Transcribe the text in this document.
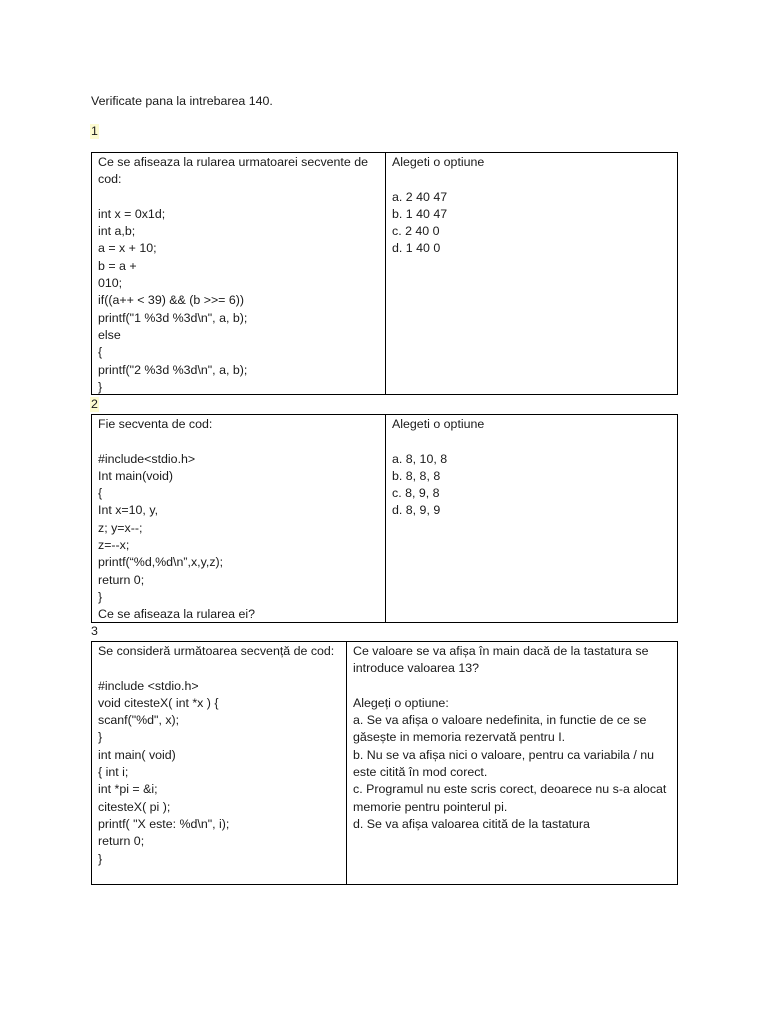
Verificate pana la intrebarea 140.
1
Ce se afiseaza la rularea urmatoarei secvente de
cod:
int x = 0x1d;
int a,b;
a = x + 10;
b = a +
010;
if((a++ < 39) && (b >>= 6))
printf("1 %3d %3d\n", a, b);
else
{
printf("2 %3d %3d\n", a, b);
}
Alegeti o optiune
a. 2 40 47
b. 1 40 47
c. 2 40 0
d. 1 40 0
2
Fie secventa de cod:
#include<stdio.h>
Int main(void)
{
Int x=10, y,
z; y=x--;
z=--x;
printf(“%d,%d\n”,x,y,z);
return 0;
}
Ce se afiseaza la rularea ei?
Alegeti o optiune
a. 8, 10, 8
b. 8, 8, 8
c. 8, 9, 8
d. 8, 9, 9
3
Se consideră următoarea secvență de cod:
#include <stdio.h>
void citesteX( int *x ) {
scanf("%d", x);
}
int main( void)
{ int i;
int *pi = &i;
citesteX( pi );
printf( "X este: %d\n", i);
return 0;
}
Ce valoare se va afișa în main dacă de la tastatura se
introduce valoarea 13?
Alegeți o optiune:
a. Se va afișa o valoare nedefinita, in functie de ce se
găsește in memoria rezervată pentru I.
b. Nu se va afișa nici o valoare, pentru ca variabila / nu
este citită în mod corect.
c. Programul nu este scris corect, deoarece nu s-a alocat
memorie pentru pointerul pi.
d. Se va afișa valoarea citită de la tastatura
